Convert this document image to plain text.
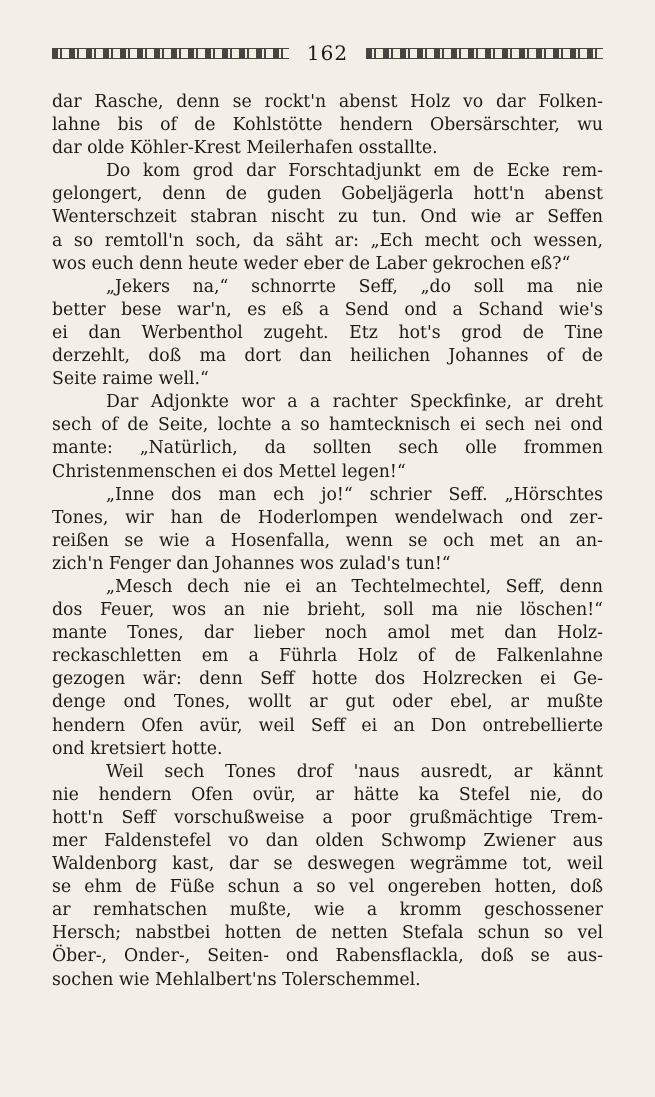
162
dar Rasche, denn se rockt'n abenst Holz vo dar Folken-
lahne bis of de Kohlstötte hendern Obersärschter, wu
dar olde Köhler-Krest Meilerhafen osstallte.
Do kom grod dar Forschtadjunkt em de Ecke rem-
gelongert, denn de guden Gobeljägerla hott'n abenst
Wenterschzeit stabran nischt zu tun. Ond wie ar Seffen
a so remtoll'n soch, da säht ar: „Ech mecht och wessen,
wos euch denn heute weder eber de Laber gekrochen eß?“
„Jekers na,“ schnorrte Seff, „do soll ma nie
better bese war'n, es eß a Send ond a Schand wie's
ei dan Werbenthol zugeht. Etz hot's grod de Tine
derzehlt, doß ma dort dan heilichen Johannes of de
Seite raime well.“
Dar Adjonkte wor a a rachter Speckfinke, ar dreht
sech of de Seite, lochte a so hamtecknisch ei sech nei ond
mante: „Natürlich, da sollten sech olle frommen
Christenmenschen ei dos Mettel legen!“
„Inne dos man ech jo!“ schrier Seff. „Hörschtes
Tones, wir han de Hoderlompen wendelwach ond zer-
reißen se wie a Hosenfalla, wenn se och met an an-
zich'n Fenger dan Johannes wos zulad's tun!“
„Mesch dech nie ei an Techtelmechtel, Seff, denn
dos Feuer, wos an nie brieht, soll ma nie löschen!“
mante Tones, dar lieber noch amol met dan Holz-
reckaschletten em a Führla Holz of de Falkenlahne
gezogen wär: denn Seff hotte dos Holzrecken ei Ge-
denge ond Tones, wollt ar gut oder ebel, ar mußte
hendern Ofen avür, weil Seff ei an Don ontrebellierte
ond kretsiert hotte.
Weil sech Tones drof 'naus ausredt, ar kännt
nie hendern Ofen ovür, ar hätte ka Stefel nie, do
hott'n Seff vorschußweise a poor grußmächtige Trem-
mer Faldenstefel vo dan olden Schwomp Zwiener aus
Waldenborg kast, dar se deswegen wegrämme tot, weil
se ehm de Füße schun a so vel ongereben hotten, doß
ar remhatschen mußte, wie a kromm geschossener
Hersch; nabstbei hotten de netten Stefala schun so vel
Öber-, Onder-, Seiten- ond Rabensflackla, doß se aus-
sochen wie Mehlalbert'ns Tolerschemmel.
